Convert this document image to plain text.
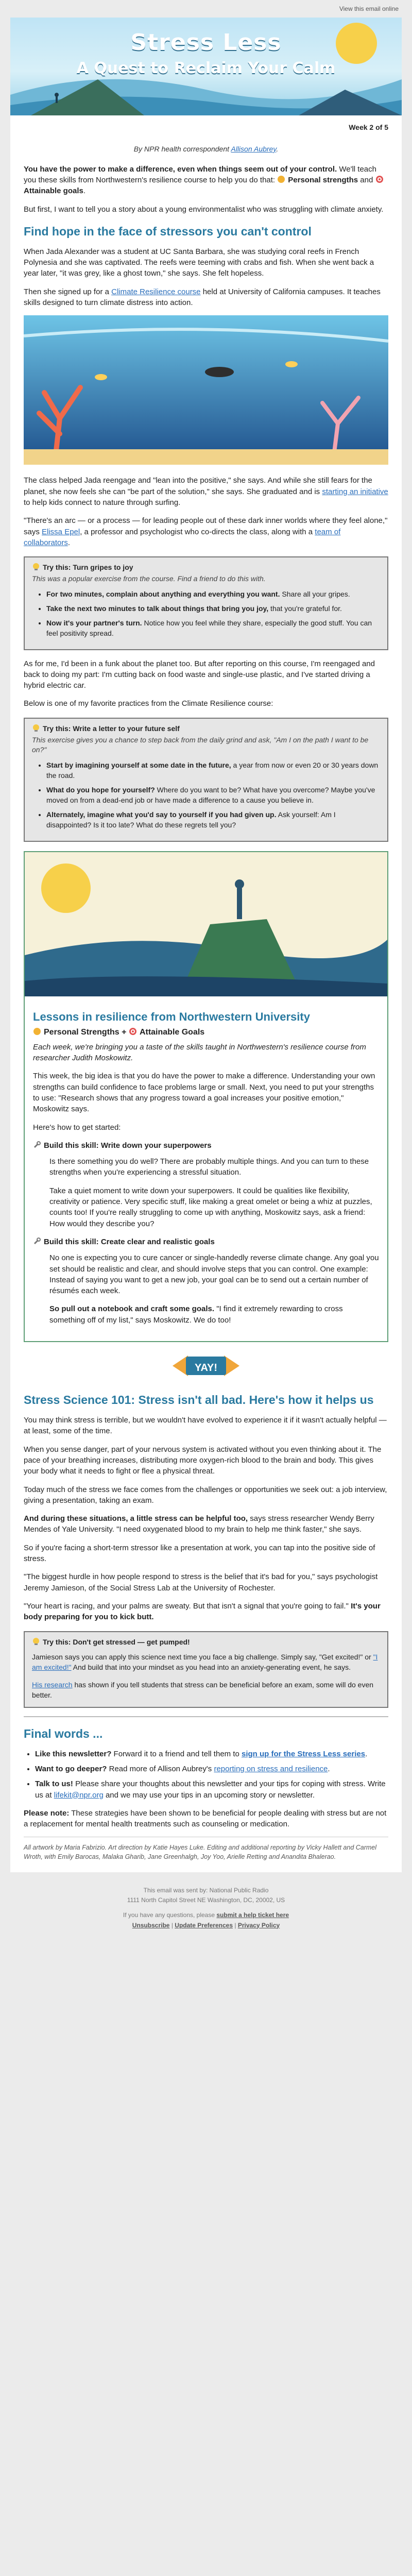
View this email online
Stress Less
A Quest to Reclaim Your Calm
Week 2 of 5
By NPR health correspondent Allison Aubrey.

You have the power to make a difference, even when things seem out of your control. We'll teach you these skills from Northwestern's resilience course to help you do that: Personal strengths and Attainable goals.

But first, I want to tell you a story about a young environmentalist who was struggling with climate anxiety.

Find hope in the face of stressors you can't control

When Jada Alexander was a student at UC Santa Barbara, she was studying coral reefs in French Polynesia and she was captivated. The reefs were teeming with crabs and fish. When she went back a year later, "it was grey, like a ghost town," she says. She felt hopeless.

Then she signed up for a Climate Resilience course held at University of California campuses. It teaches skills designed to turn climate distress into action.

The class helped Jada reengage and "lean into the positive," she says. And while she still fears for the planet, she now feels she can "be part of the solution," she says. She graduated and is starting an initiative to help kids connect to nature through surfing.

"There's an arc — or a process — for leading people out of these dark inner worlds where they feel alone," says Elissa Epel, a professor and psychologist who co-directs the class, along with a team of collaborators.

Try this: Turn gripes to joy
This was a popular exercise from the course. Find a friend to do this with.
• For two minutes, complain about anything and everything you want. Share all your gripes.
• Take the next two minutes to talk about things that bring you joy, that you're grateful for.
• Now it's your partner's turn. Notice how you feel while they share, especially the good stuff. You can feel positivity spread.

As for me, I'd been in a funk about the planet too. But after reporting on this course, I'm reengaged and back to doing my part: I'm cutting back on food waste and single-use plastic, and I've started driving a hybrid electric car.

Below is one of my favorite practices from the Climate Resilience course:

Try this: Write a letter to your future self
This exercise gives you a chance to step back from the daily grind and ask, "Am I on the path I want to be on?"
• Start by imagining yourself at some date in the future, a year from now or even 20 or 30 years down the road.
• What do you hope for yourself? Where do you want to be? What have you overcome? Maybe you've moved on from a dead-end job or have made a difference to a cause you believe in.
• Alternately, imagine what you'd say to yourself if you had given up. Ask yourself: Am I disappointed? Is it too late? What do these regrets tell you?
Lessons in resilience from Northwestern University
Personal Strengths + Attainable Goals

Each week, we're bringing you a taste of the skills taught in Northwestern's resilience course from researcher Judith Moskowitz.

This week, the big idea is that you do have the power to make a difference. Understanding your own strengths can build confidence to face problems large or small. Next, you need to put your strengths to use: "Research shows that any progress toward a goal increases your positive emotion," Moskowitz says.

Here's how to get started:

Build this skill: Write down your superpowers

Is there something you do well? There are probably multiple things. And you can turn to these strengths when you're experiencing a stressful situation.

Take a quiet moment to write down your superpowers. It could be qualities like flexibility, creativity or patience. Very specific stuff, like making a great omelet or being a whiz at puzzles, counts too! If you're really struggling to come up with anything, Moskowitz says, ask a friend: How would they describe you?

Build this skill: Create clear and realistic goals

No one is expecting you to cure cancer or single-handedly reverse climate change. Any goal you set should be realistic and clear, and should involve steps that you can control. One example: Instead of saying you want to get a new job, your goal can be to send out a certain number of résumés each week.

So pull out a notebook and craft some goals. "I find it extremely rewarding to cross something off of my list," says Moskowitz. We do too!

YAY!
Stress Science 101: Stress isn't all bad. Here's how it helps us

You may think stress is terrible, but we wouldn't have evolved to experience it if it wasn't actually helpful — at least, some of the time.

When you sense danger, part of your nervous system is activated without you even thinking about it. The pace of your breathing increases, distributing more oxygen-rich blood to the brain and body. This gives your body what it needs to fight or flee a physical threat.

Today much of the stress we face comes from the challenges or opportunities we seek out: a job interview, giving a presentation, taking an exam.

And during these situations, a little stress can be helpful too, says stress researcher Wendy Berry Mendes of Yale University. "I need oxygenated blood to my brain to help me think faster," she says.

So if you're facing a short-term stressor like a presentation at work, you can tap into the positive side of stress.

"The biggest hurdle in how people respond to stress is the belief that it's bad for you," says psychologist Jeremy Jamieson, of the Social Stress Lab at the University of Rochester.

"Your heart is racing, and your palms are sweaty. But that isn't a signal that you're going to fail." It's your body preparing for you to kick butt.

Try this: Don't get stressed — get pumped!

Jamieson says you can apply this science next time you face a big challenge. Simply say, "Get excited!" or "I am excited!" And build that into your mindset as you head into an anxiety-generating event, he says.

His research has shown if you tell students that stress can be beneficial before an exam, some will do even better.

Final words ...
• Like this newsletter? Forward it to a friend and tell them to sign up for the Stress Less series.
• Want to go deeper? Read more of Allison Aubrey's reporting on stress and resilience.
• Talk to us! Please share your thoughts about this newsletter and your tips for coping with stress. Write us at lifekit@npr.org and we may use your tips in an upcoming story or newsletter.

Please note: These strategies have been shown to be beneficial for people dealing with stress but are not a replacement for mental health treatments such as counseling or medication.

All artwork by Maria Fabrizio. Art direction by Katie Hayes Luke. Editing and additional reporting by Vicky Hallett and Carmel Wroth, with Emily Barocas, Malaka Gharib, Jane Greenhalgh, Joy Yoo, Arielle Retting and Anandita Bhalerao.
This email was sent by: National Public Radio
1111 North Capitol Street NE Washington, DC, 20002, US
If you have any questions, please submit a help ticket here
Unsubscribe | Update Preferences | Privacy Policy
